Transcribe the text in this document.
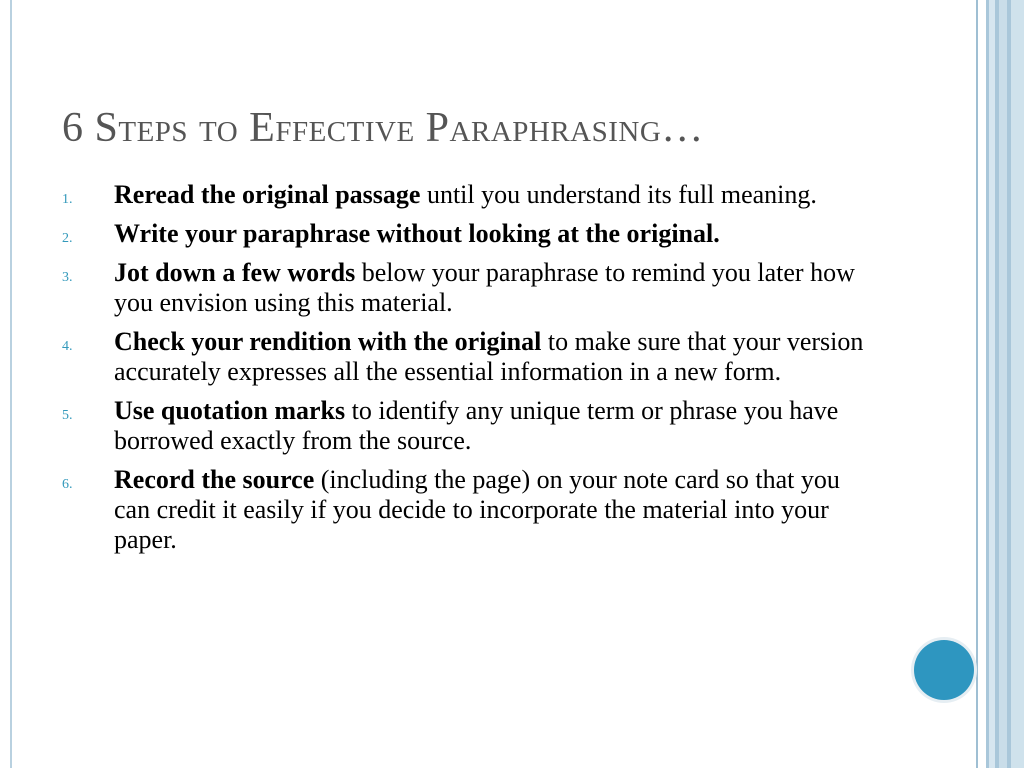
6 Steps to Effective Paraphrasing…
1.	Reread the original passage until you understand its full meaning.
2.	Write your paraphrase without looking at the original.
3.	Jot down a few words below your paraphrase to remind you later how you envision using this material.
4.	Check your rendition with the original to make sure that your version accurately expresses all the essential information in a new form.
5.	Use quotation marks to identify any unique term or phrase you have borrowed exactly from the source.
6.	Record the source (including the page) on your note card so that you can credit it easily if you decide to incorporate the material into your paper.
